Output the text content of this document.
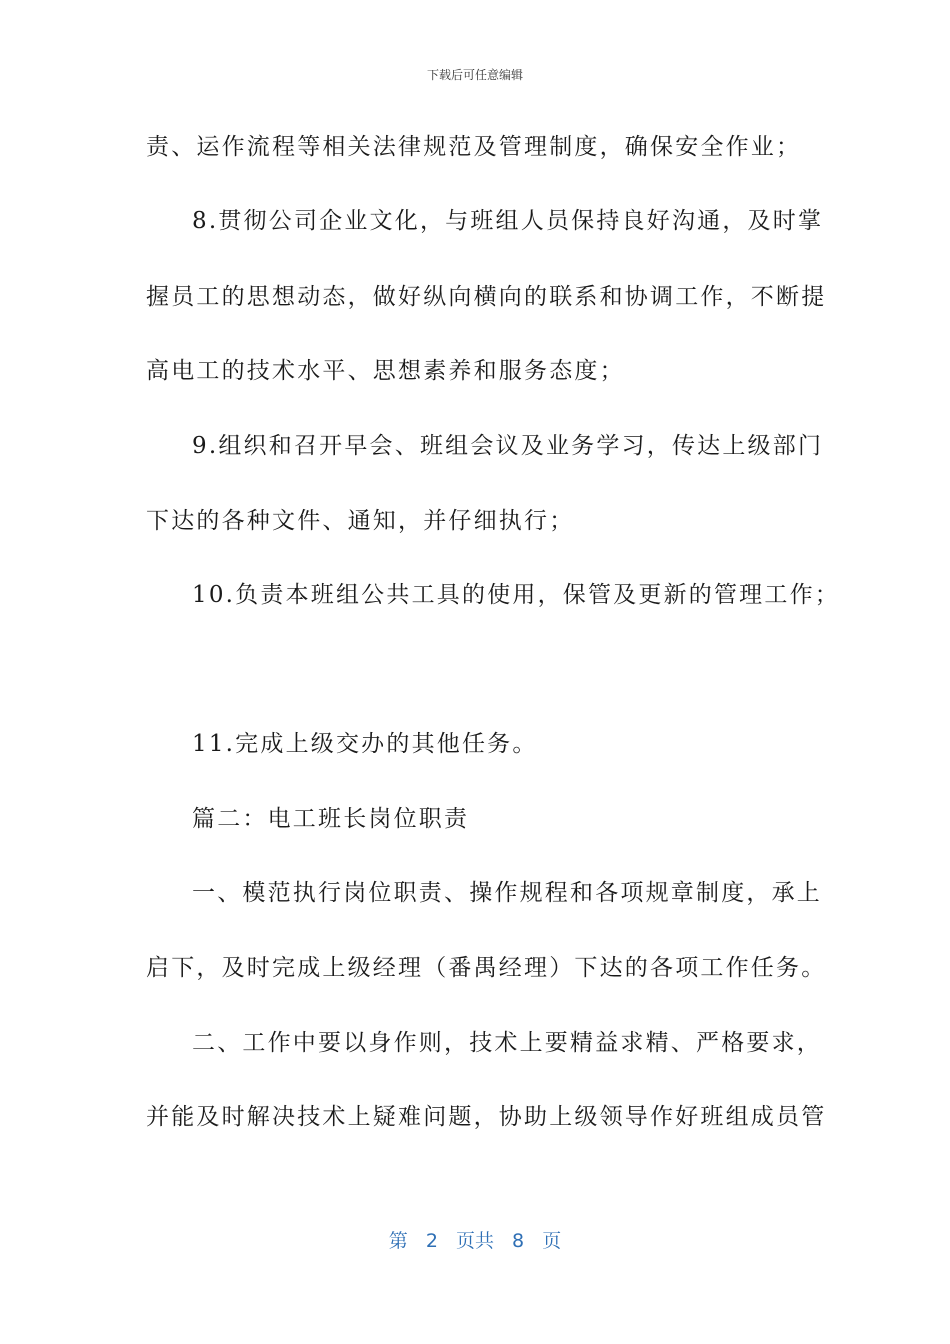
下载后可任意编辑
责、运作流程等相关法律规范及管理制度，确保安全作业；
8.贯彻公司企业文化，与班组人员保持良好沟通，及时掌
握员工的思想动态，做好纵向横向的联系和协调工作，不断提
高电工的技术水平、思想素养和服务态度；
9.组织和召开早会、班组会议及业务学习，传达上级部门
下达的各种文件、通知，并仔细执行；
10.负责本班组公共工具的使用，保管及更新的管理工作；
11.完成上级交办的其他任务。
篇二：电工班长岗位职责
一、模范执行岗位职责、操作规程和各项规章制度，承上
启下，及时完成上级经理（番禺经理）下达的各项工作任务。
二、工作中要以身作则，技术上要精益求精、严格要求，
并能及时解决技术上疑难问题，协助上级领导作好班组成员管
第 2 页共 8 页
